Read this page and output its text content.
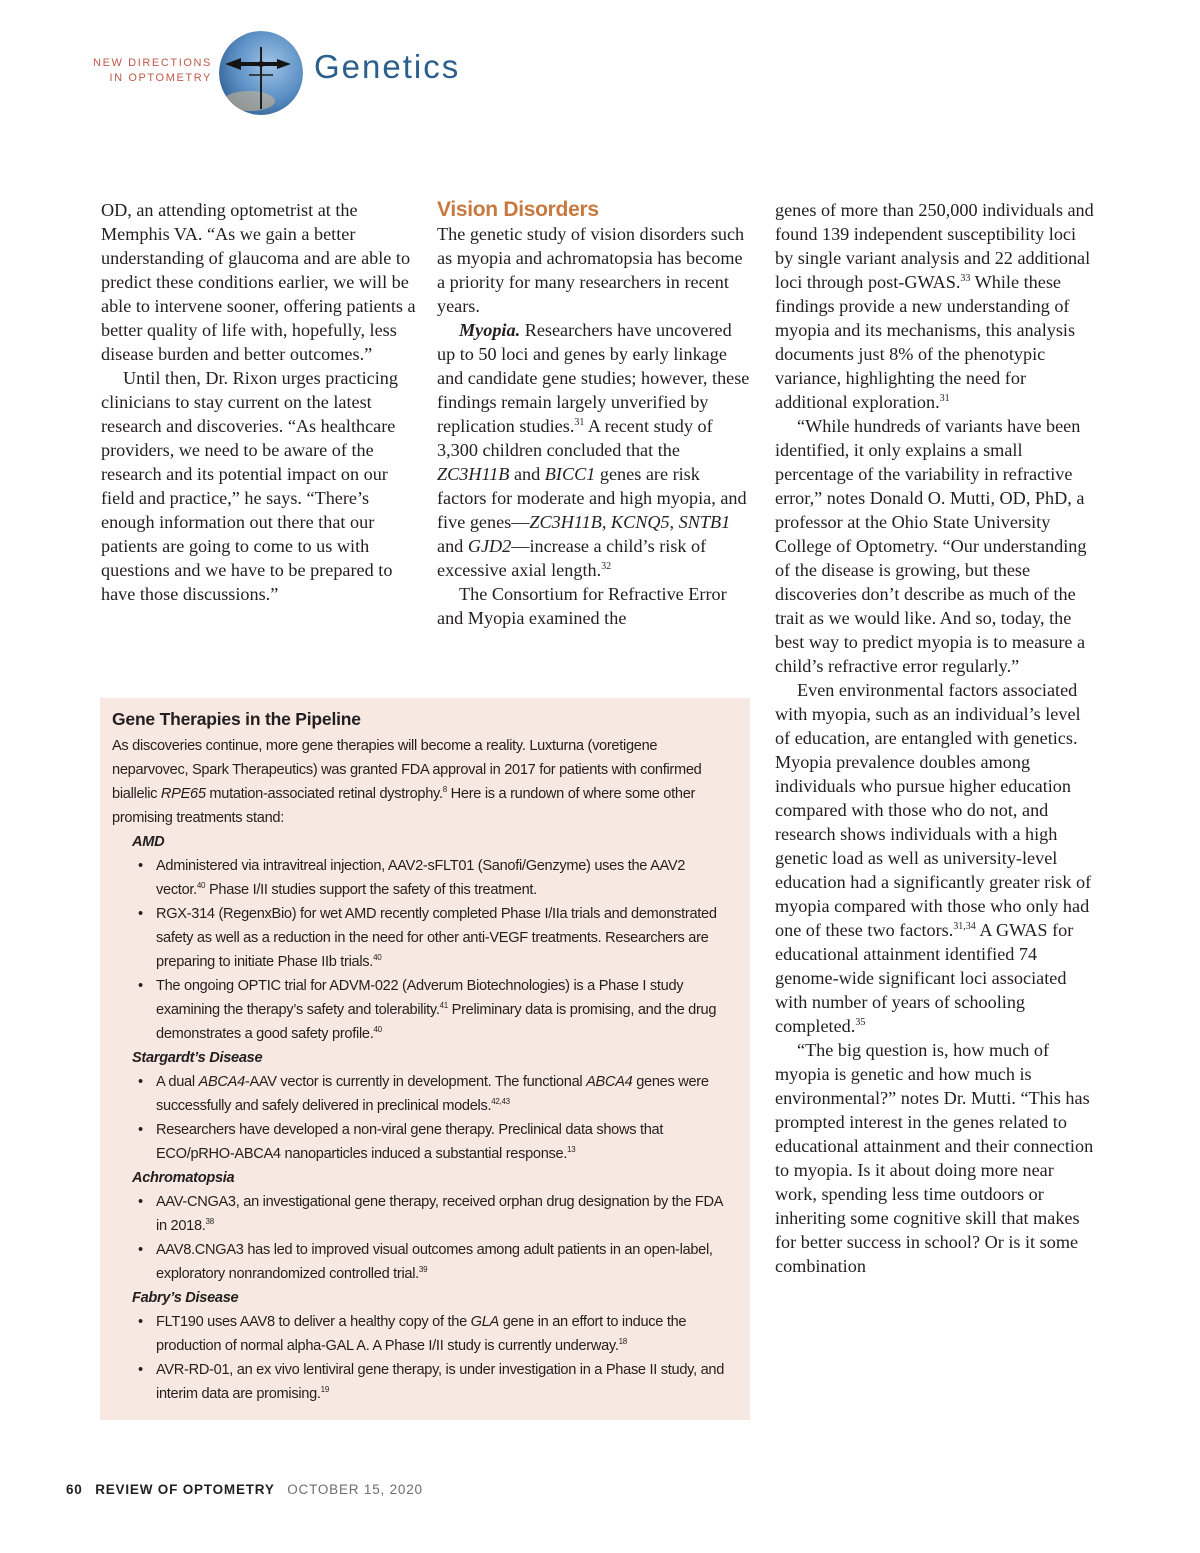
NEW DIRECTIONS
IN OPTOMETRY	Genetics

OD, an attending optometrist at the Memphis VA. “As we gain a better understanding of glaucoma and are able to predict these conditions earlier, we will be able to intervene sooner, offering patients a better quality of life with, hopefully, less disease burden and better outcomes.”

Until then, Dr. Rixon urges practicing clinicians to stay current on the latest research and discoveries. “As healthcare providers, we need to be aware of the research and its potential impact on our field and practice,” he says. “There’s enough information out there that our patients are going to come to us with questions and we have to be prepared to have those discussions.”

Vision Disorders

The genetic study of vision disorders such as myopia and achromatopsia has become a priority for many researchers in recent years.

Myopia. Researchers have uncovered up to 50 loci and genes by early linkage and candidate gene studies; however, these findings remain largely unverified by replication studies.$^{31}$ A recent study of 3,300 children concluded that the ZC3H11B and BICC1 genes are risk factors for moderate and high myopia, and five genes—ZC3H11B, KCNQ5, SNTB1 and GJD2—increase a child’s risk of excessive axial length.$^{32}$

The Consortium for Refractive Error and Myopia examined the

genes of more than 250,000 individuals and found 139 independent susceptibility loci by single variant analysis and 22 additional loci through post-GWAS.$^{33}$ While these findings provide a new understanding of myopia and its mechanisms, this analysis documents just 8% of the phenotypic variance, highlighting the need for additional exploration.$^{31}$

“While hundreds of variants have been identified, it only explains a small percentage of the variability in refractive error,” notes Donald O. Mutti, OD, PhD, a professor at the Ohio State University College of Optometry. “Our understanding of the disease is growing, but these discoveries don’t describe as much of the trait as we would like. And so, today, the best way to predict myopia is to measure a child’s refractive error regularly.”

Even environmental factors associated with myopia, such as an individual’s level of education, are entangled with genetics. Myopia prevalence doubles among individuals who pursue higher education compared with those who do not, and research shows individuals with a high genetic load as well as university-level education had a significantly greater risk of myopia compared with those who only had one of these two factors.$^{31,34}$ A GWAS for educational attainment identified 74 genome-wide significant loci associated with number of years of schooling completed.$^{35}$

“The big question is, how much of myopia is genetic and how much is environmental?” notes Dr. Mutti. “This has prompted interest in the genes related to educational attainment and their connection to myopia. Is it about doing more near work, spending less time outdoors or inheriting some cognitive skill that makes for better success in school? Or is it some combination

Gene Therapies in the Pipeline

As discoveries continue, more gene therapies will become a reality. Luxturna (voretigene neparvovec, Spark Therapeutics) was granted FDA approval in 2017 for patients with confirmed biallelic RPE65 mutation-associated retinal dystrophy.$^8$ Here is a rundown of where some other promising treatments stand:

AMD
• Administered via intravitreal injection, AAV2-sFLT01 (Sanofi/Genzyme) uses the AAV2 vector.$^{40}$ Phase I/II studies support the safety of this treatment.
• RGX-314 (RegenxBio) for wet AMD recently completed Phase I/IIa trials and demonstrated safety as well as a reduction in the need for other anti-VEGF treatments. Researchers are preparing to initiate Phase IIb trials.$^{40}$
• The ongoing OPTIC trial for ADVM-022 (Adverum Biotechnologies) is a Phase I study examining the therapy’s safety and tolerability.$^{41}$ Preliminary data is promising, and the drug demonstrates a good safety profile.$^{40}$
Stargardt’s Disease
• A dual ABCA4-AAV vector is currently in development. The functional ABCA4 genes were successfully and safely delivered in preclinical models.$^{42,43}$
• Researchers have developed a non-viral gene therapy. Preclinical data shows that ECO/pRHO-ABCA4 nanoparticles induced a substantial response.$^{13}$
Achromatopsia
• AAV-CNGA3, an investigational gene therapy, received orphan drug designation by the FDA in 2018.38
• AAV8.CNGA3 has led to improved visual outcomes among adult patients in an open-label, exploratory nonrandomized controlled trial.$^{39}$
Fabry’s Disease
• FLT190 uses AAV8 to deliver a healthy copy of the GLA gene in an effort to induce the production of normal alpha-GAL A. A Phase I/II study is currently underway.$^{18}$
• AVR-RD-01, an ex vivo lentiviral gene therapy, is under investigation in a Phase II study, and interim data are promising.$^{19}$
60 REVIEW OF OPTOMETRY OCTOBER 15, 2020
